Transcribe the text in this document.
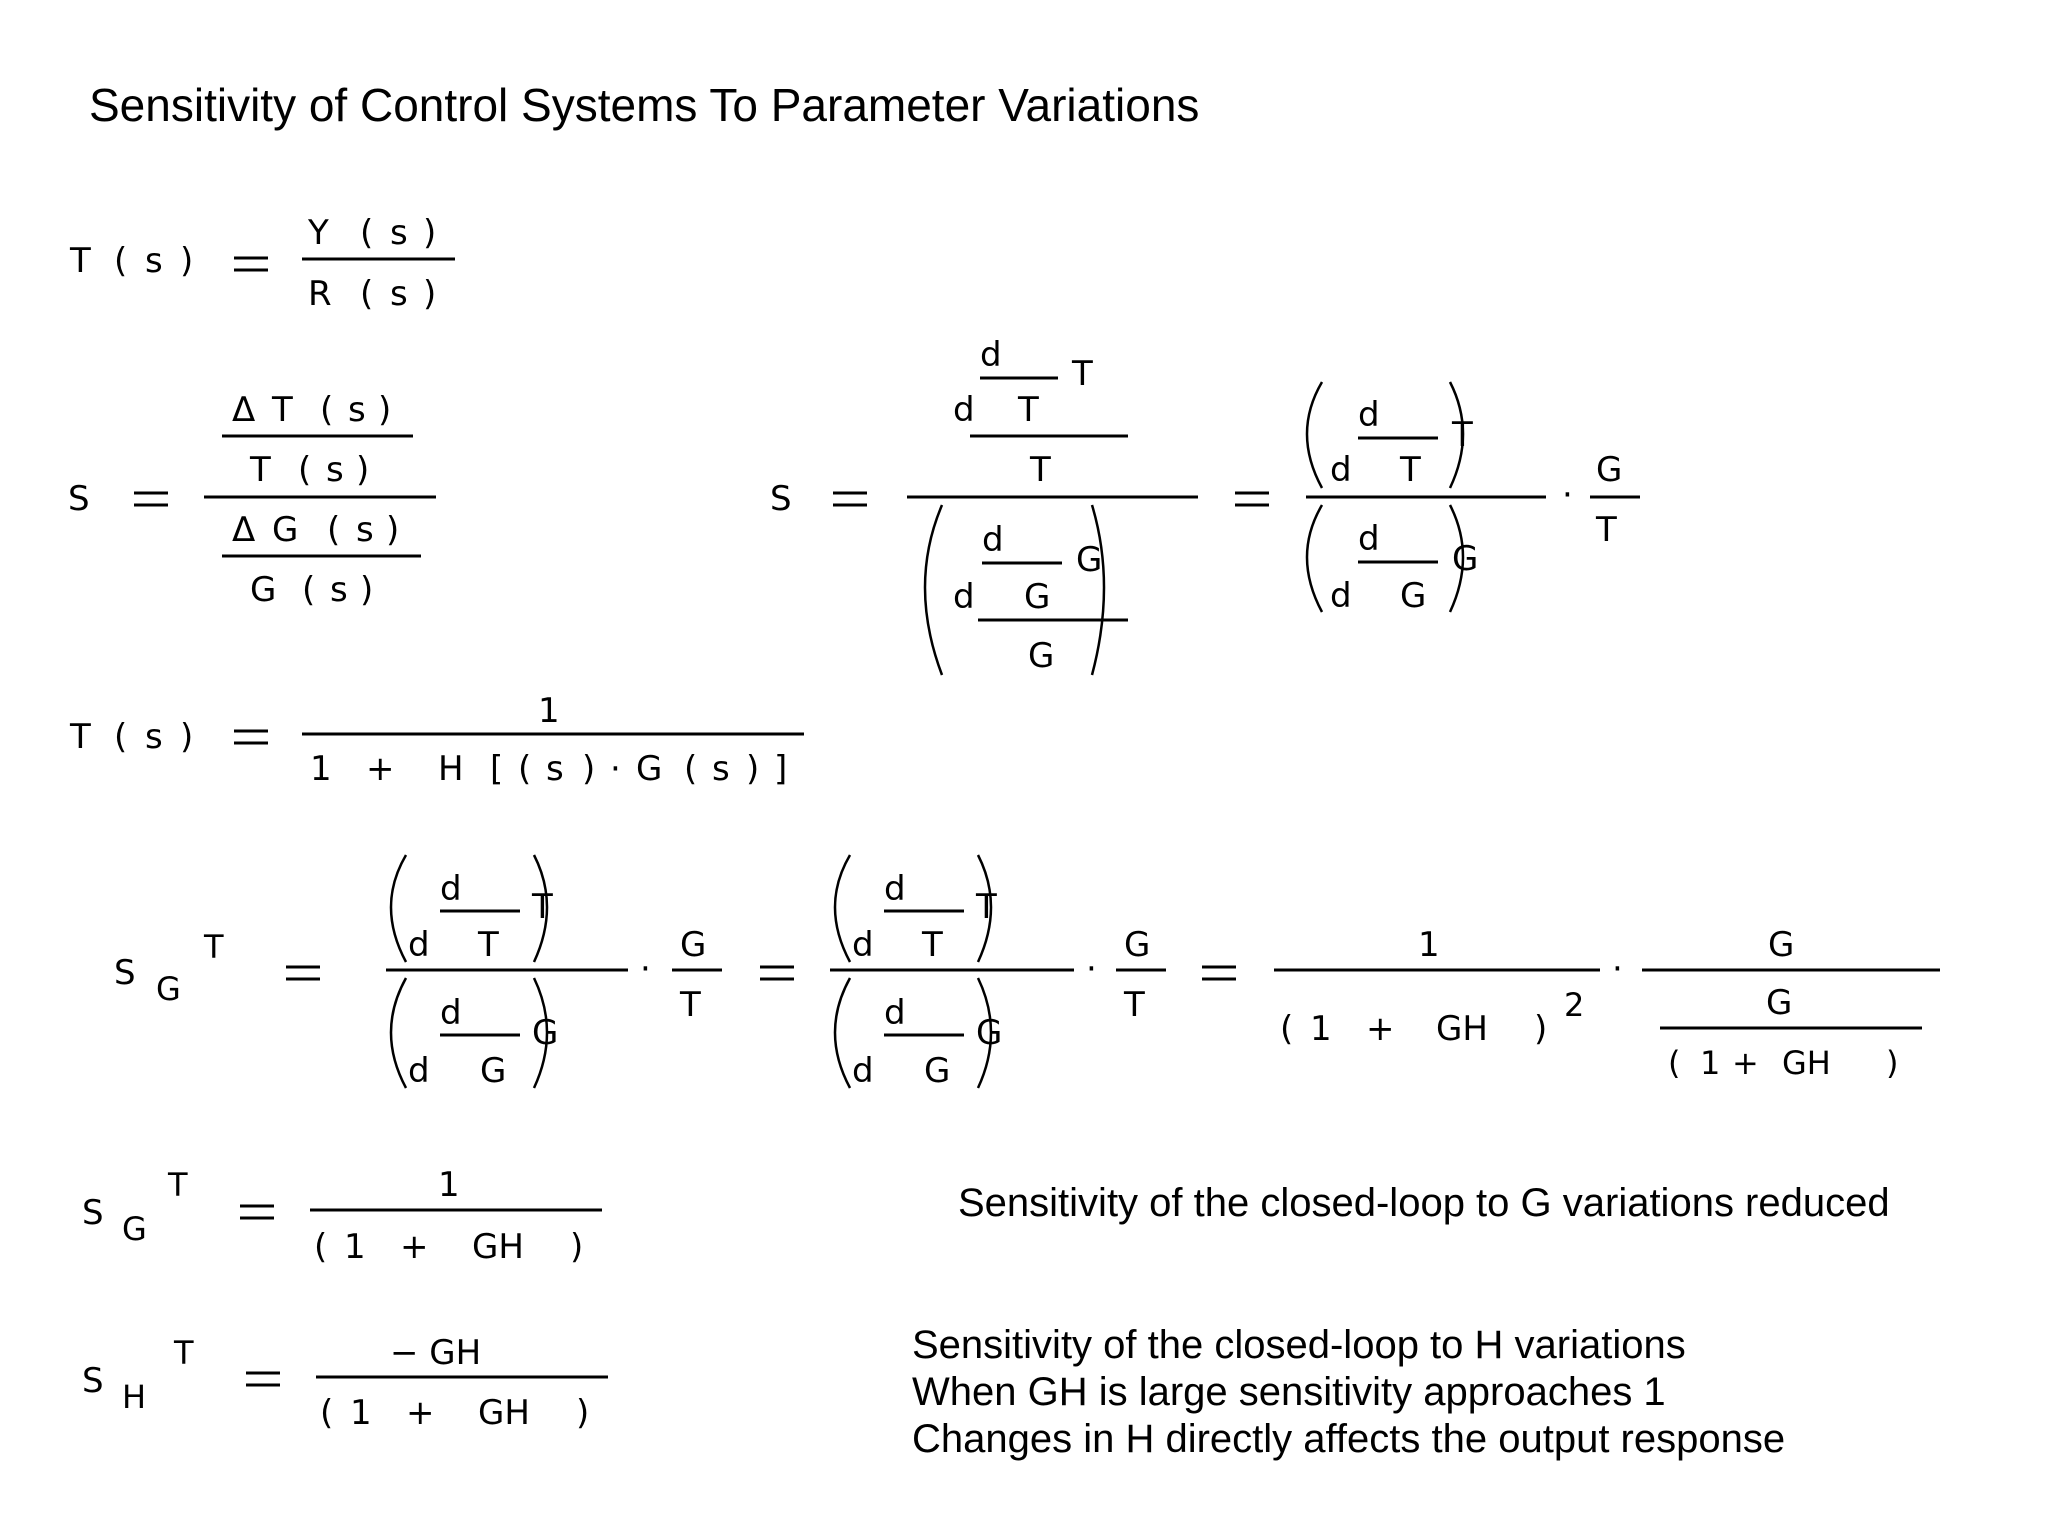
Sensitivity of Control Systems To Parameter Variations
T ( s )
Y ( s )
R ( s )
S
Δ T ( s )
T ( s )
Δ G ( s )
G ( s )
S
d T
d T
T
d G
d G
G
d T
d T
d G
d G
·
G
T
T ( s )
1
1 + H [ ( s ) · G ( s ) ]
S G
T
d T
d T
d G
d G
·
G
T
d T
d T
d G
d G
·
G
T
1
( 1 + GH )
2
·
G
G
( 1 + GH )
S G
T	1
( 1 + GH )
S H
T	− GH
( 1 + GH )
Sensitivity of the closed-loop to G variations reduced
Sensitivity of the closed-loop to H variations
When GH is large sensitivity approaches 1
Changes in H directly affects the output response
